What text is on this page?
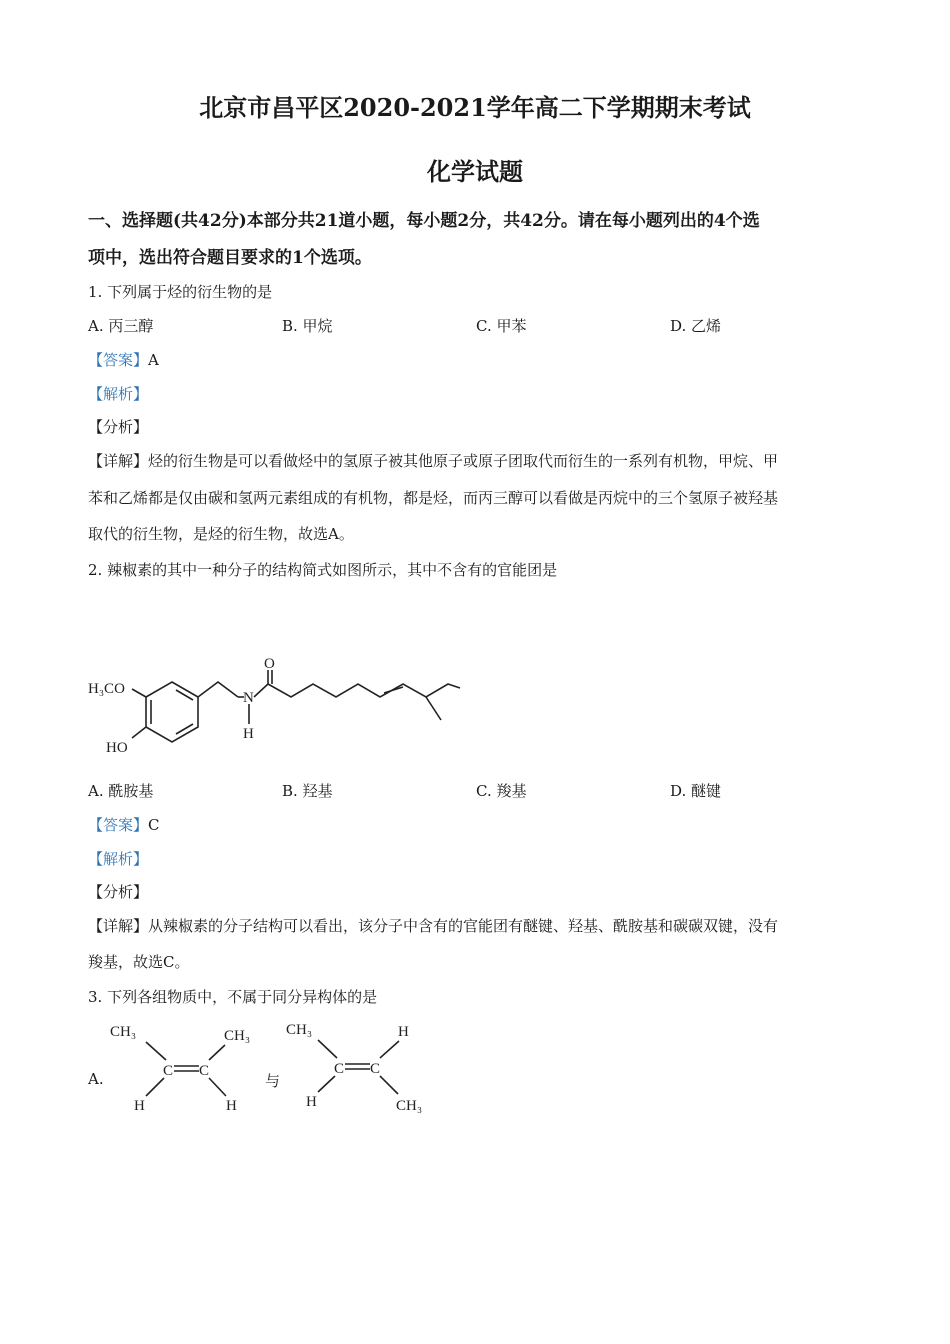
北京市昌平区2020-2021学年高二下学期期末考试
化学试题
一、选择题(共42分)本部分共21道小题，每小题2分，共42分。请在每小题列出的4个选
项中，选出符合题目要求的1个选项。
1. 下列属于烃的衍生物的是
A. 丙三醇	B. 甲烷	C. 甲苯	D. 乙烯
【答案】A
【解析】
【分析】
【详解】烃的衍生物是可以看做烃中的氢原子被其他原子或原子团取代而衍生的一系列有机物，甲烷、甲
苯和乙烯都是仅由碳和氢两元素组成的有机物，都是烃，而丙三醇可以看做是丙烷中的三个氢原子被羟基
取代的衍生物，是烃的衍生物，故选A。
2. 辣椒素的其中一种分子的结构简式如图所示，其中不含有的官能团是
H₃CO
HO
O
N
H
A. 酰胺基	B. 羟基	C. 羧基	D. 醚键
【答案】C
【解析】
【分析】
【详解】从辣椒素的分子结构可以看出，该分子中含有的官能团有醚键、羟基、酰胺基和碳碳双键，没有
羧基，故选C。
3. 下列各组物质中，不属于同分异构体的是
A.
CH₃	CH₃
C C
H	H
与
CH₃	H
C C
H	CH₃
